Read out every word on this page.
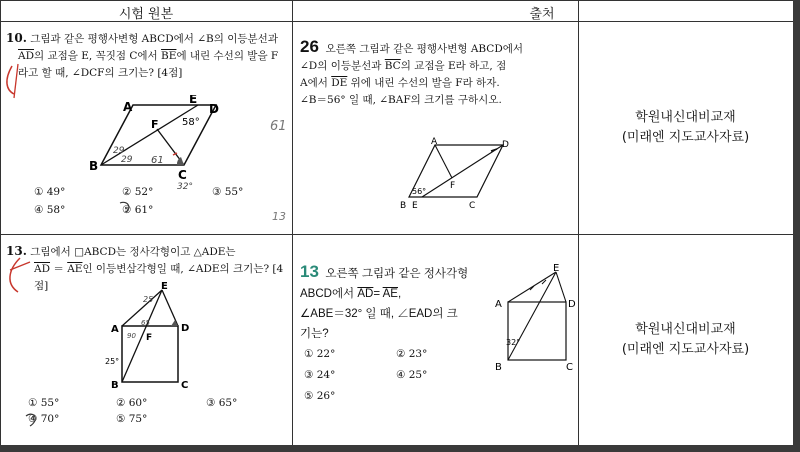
시험 원본	출처
10. 그림과 같은 평행사변형 ABCD에서 ∠B의 이등분선과
$\overline{AD}$의 교점을 E, 꼭짓점 C에서 $\overline{BE}$에 내린 수선의 발을 F
라고 할 때, ∠DCF의 크기는? [4점]
A
E
D
F
B
C
58°
29
29 61
32°
① 49°	② 52°	③ 55°
④ 58°	⑤ 61°
61
13
26 오른쪽 그림과 같은 평행사변형 ABCD에서
∠D의 이등분선과 $\overline{BC}$의 교점을 E라 하고, 점
A에서 $\overline{DE}$ 위에 내린 수선의 발을 F라 하자.
∠B＝56° 일 때, ∠BAF의 크기를 구하시오.
A	D
F
B E	C
56°
학원내신대비교재
(미래엔 지도교사자료)
13. 그림에서 □ABCD는 정사각형이고 △ADE는
$\overline{AD} = \overline{AE}$인 이등변삼각형일 때, ∠ADE의 크기는? [4점]	E
A	D
F
B	C
25°
25
90
65
① 55°	② 60°	③ 65°
④ 70°	⑤ 75°
13 오른쪽 그림과 같은 정사각형
ABCD에서 $\overline{AD}= \overline{AE}$,
∠ABE＝32° 일 때, ∠EAD의 크
기는?
① 22°	② 23°
③ 24°	④ 25°
⑤ 26°
E
A	D
B	C
32°
학원내신대비교재
(미래엔 지도교사자료)
